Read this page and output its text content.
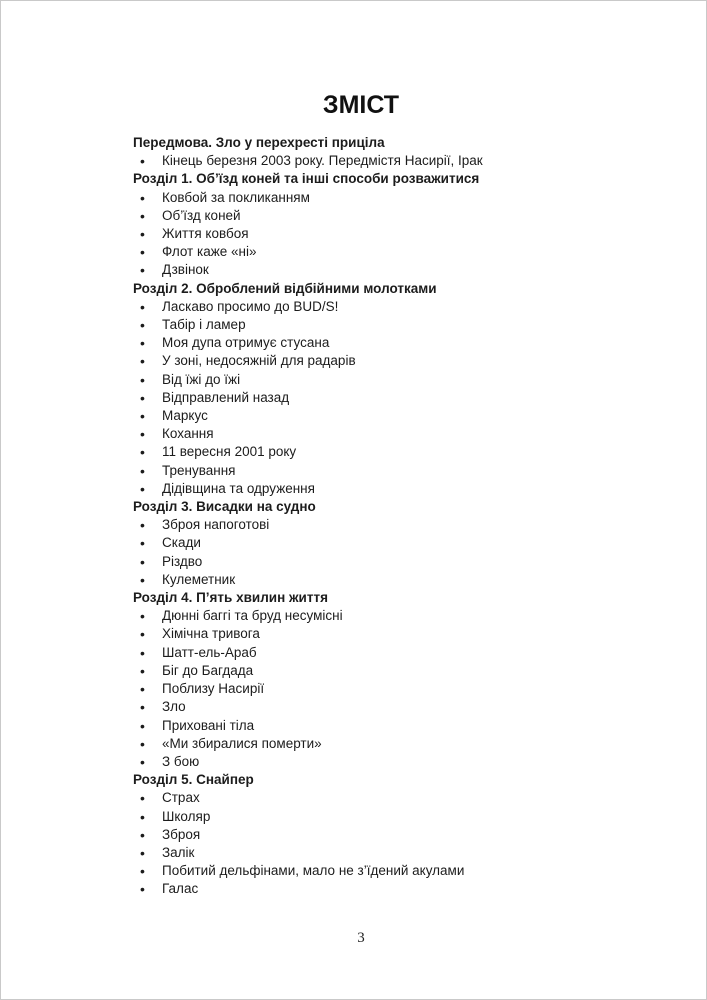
ЗМІСТ
Передмова. Зло у перехресті приціла
• Кінець березня 2003 року. Передмістя Насирії, Ірак
Розділ 1. Об’їзд коней та інші способи розважитися
• Ковбой за покликанням
• Об’їзд коней
• Життя ковбоя
• Флот каже «ні»
• Дзвінок
Розділ 2. Оброблений відбійними молотками
• Ласкаво просимо до BUD/S!
• Табір і ламер
• Моя дупа отримує стусана
• У зоні, недосяжній для радарів
• Від їжі до їжі
• Відправлений назад
• Маркус
• Кохання
• 11 вересня 2001 року
• Тренування
• Дідівщина та одруження
Розділ 3. Висадки на судно
• Зброя напоготові
• Скади
• Різдво
• Кулеметник
Розділ 4. П’ять хвилин життя
• Дюнні баггі та бруд несумісні
• Хімічна тривога
• Шатт-ель-Араб
• Біг до Багдада
• Поблизу Насирії
• Зло
• Приховані тіла
• «Ми збиралися померти»
• З бою
Розділ 5. Снайпер
• Страх
• Школяр
• Зброя
• Залік
• Побитий дельфінами, мало не з’їдений акулами
• Галас
3
